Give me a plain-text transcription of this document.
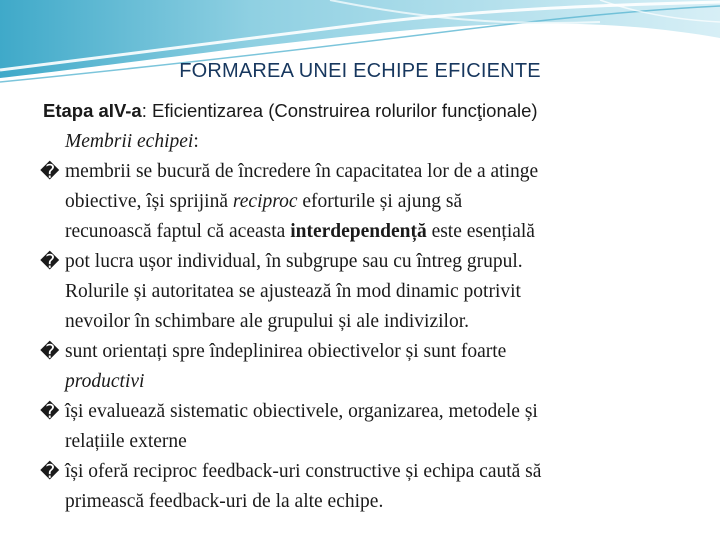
FORMAREA UNEI ECHIPE EFICIENTE
Etapa aIV-a: Eficientizarea (Construirea rolurilor funcţionale)
Membrii echipei:
� membrii se bucură de încredere în capacitatea lor de a atinge
obiective, își sprijină reciproc eforturile și ajung să
recunoască faptul că aceasta interdependență este esențială
� pot lucra ușor individual, în subgrupe sau cu întreg grupul.
Rolurile și autoritatea se ajustează în mod dinamic potrivit
nevoilor în schimbare ale grupului și ale indivizilor.
� sunt orientați spre îndeplinirea obiectivelor și sunt foarte
productivi
� își evaluează sistematic obiectivele, organizarea, metodele și
relațiile externe
� își oferă reciproc feedback-uri constructive și echipa caută să
primească feedback-uri de la alte echipe.
